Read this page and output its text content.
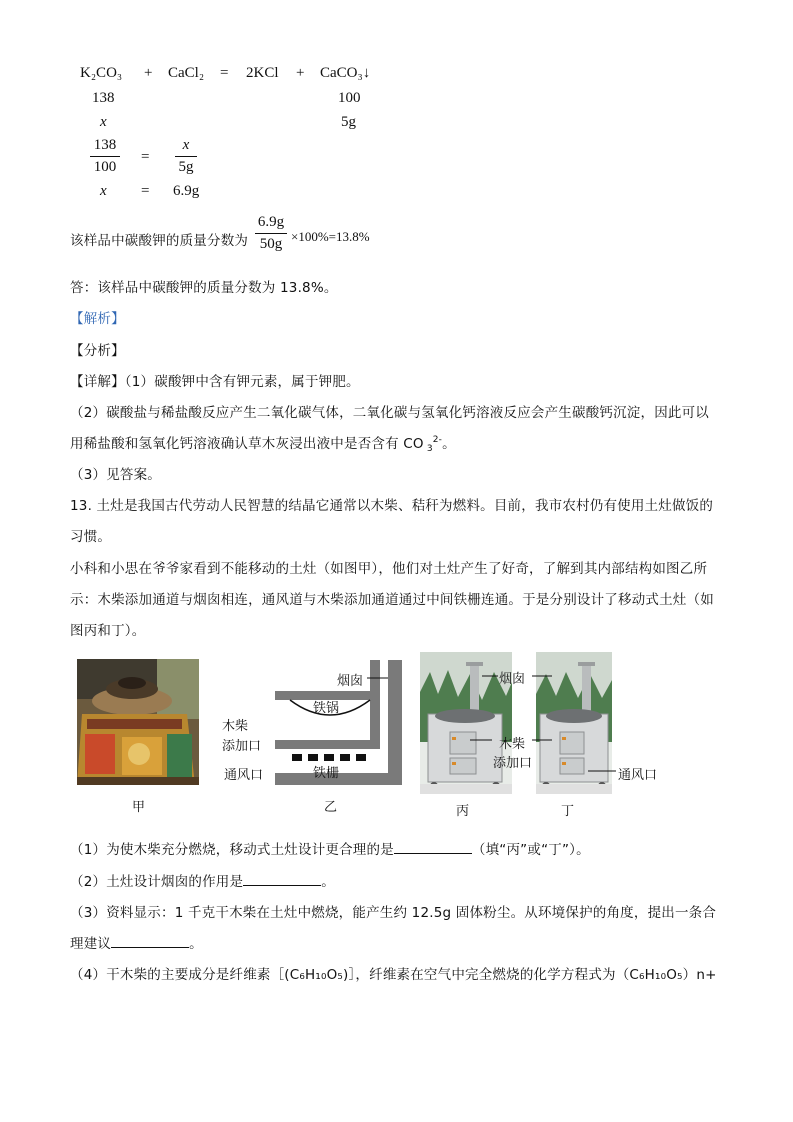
K₂CO₃ + CaCl₂ = 2KCl + CaCO₃↓
138	100
x	5g
138
100
=
x
5g
x = 6.9g
该样品中碳酸钾的质量分数为
6.9g
50g ×100%=13.8%
答：该样品中碳酸钾的质量分数为 13.8%。
【解析】
【分析】
【详解】（1）碳酸钾中含有钾元素，属于钾肥。
（2）碳酸盐与稀盐酸反应产生二氧化碳气体，二氧化碳与氢氧化钙溶液反应会产生碳酸钙沉淀，因此可以
用稀盐酸和氢氧化钙溶液确认草木灰浸出液中是否含有 CO 32-。
（3）见答案。
13. 土灶是我国古代劳动人民智慧的结晶它通常以木柴、秸秆为燃料。目前，我市农村仍有使用土灶做饭的
习惯。
小科和小思在爷爷家看到不能移动的土灶（如图甲），他们对土灶产生了好奇，了解到其内部结构如图乙所
示：木柴添加通道与烟囱相连，通风道与木柴添加通道通过中间铁栅连通。于是分别设计了移动式土灶（如
图丙和丁）。
烟囱
铁锅
木柴
添加口
铁栅
通风口
烟囱
木柴
添加口
通风口
甲	乙	丙	丁
（1）为使木柴充分燃烧，移动式土灶设计更合理的是	（填“丙”或“丁”）。
（2）土灶设计烟囱的作用是	。
（3）资料显示：1 千克干木柴在土灶中燃烧，能产生约 12.5g 固体粉尘。从环境保护的角度，提出一条合
理建议	。
（4）干木柴的主要成分是纤维素［(C₆H₁₀O₅)］，纤维素在空气中完全燃烧的化学方程式为（C₆H₁₀O₅）n+
